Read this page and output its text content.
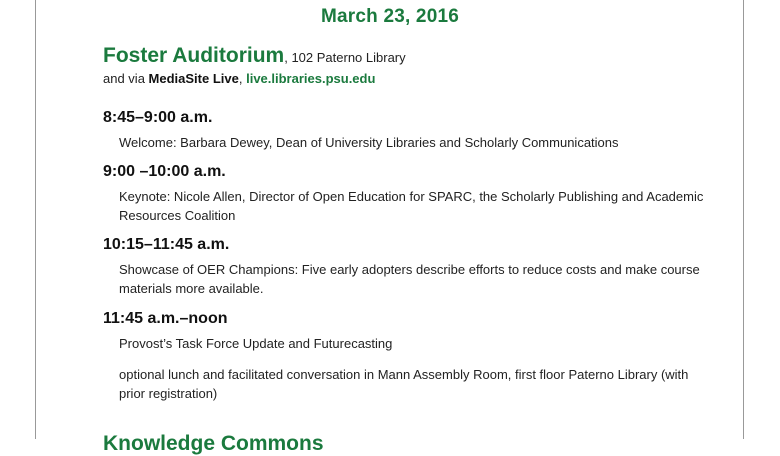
March 23, 2016
Foster Auditorium, 102 Paterno Library
and via MediaSite Live, live.libraries.psu.edu
8:45–9:00 a.m.
Welcome: Barbara Dewey, Dean of University Libraries and Scholarly Communications
9:00 –10:00 a.m.
Keynote: Nicole Allen, Director of Open Education for SPARC, the Scholarly Publishing and Academic Resources Coalition
10:15–11:45 a.m.
Showcase of OER Champions: Five early adopters describe efforts to reduce costs and make course materials more available.
11:45 a.m.–noon
Provost’s Task Force Update and Futurecasting
optional lunch and facilitated conversation in Mann Assembly Room, first floor Paterno Library (with prior registration)
Knowledge Commons
